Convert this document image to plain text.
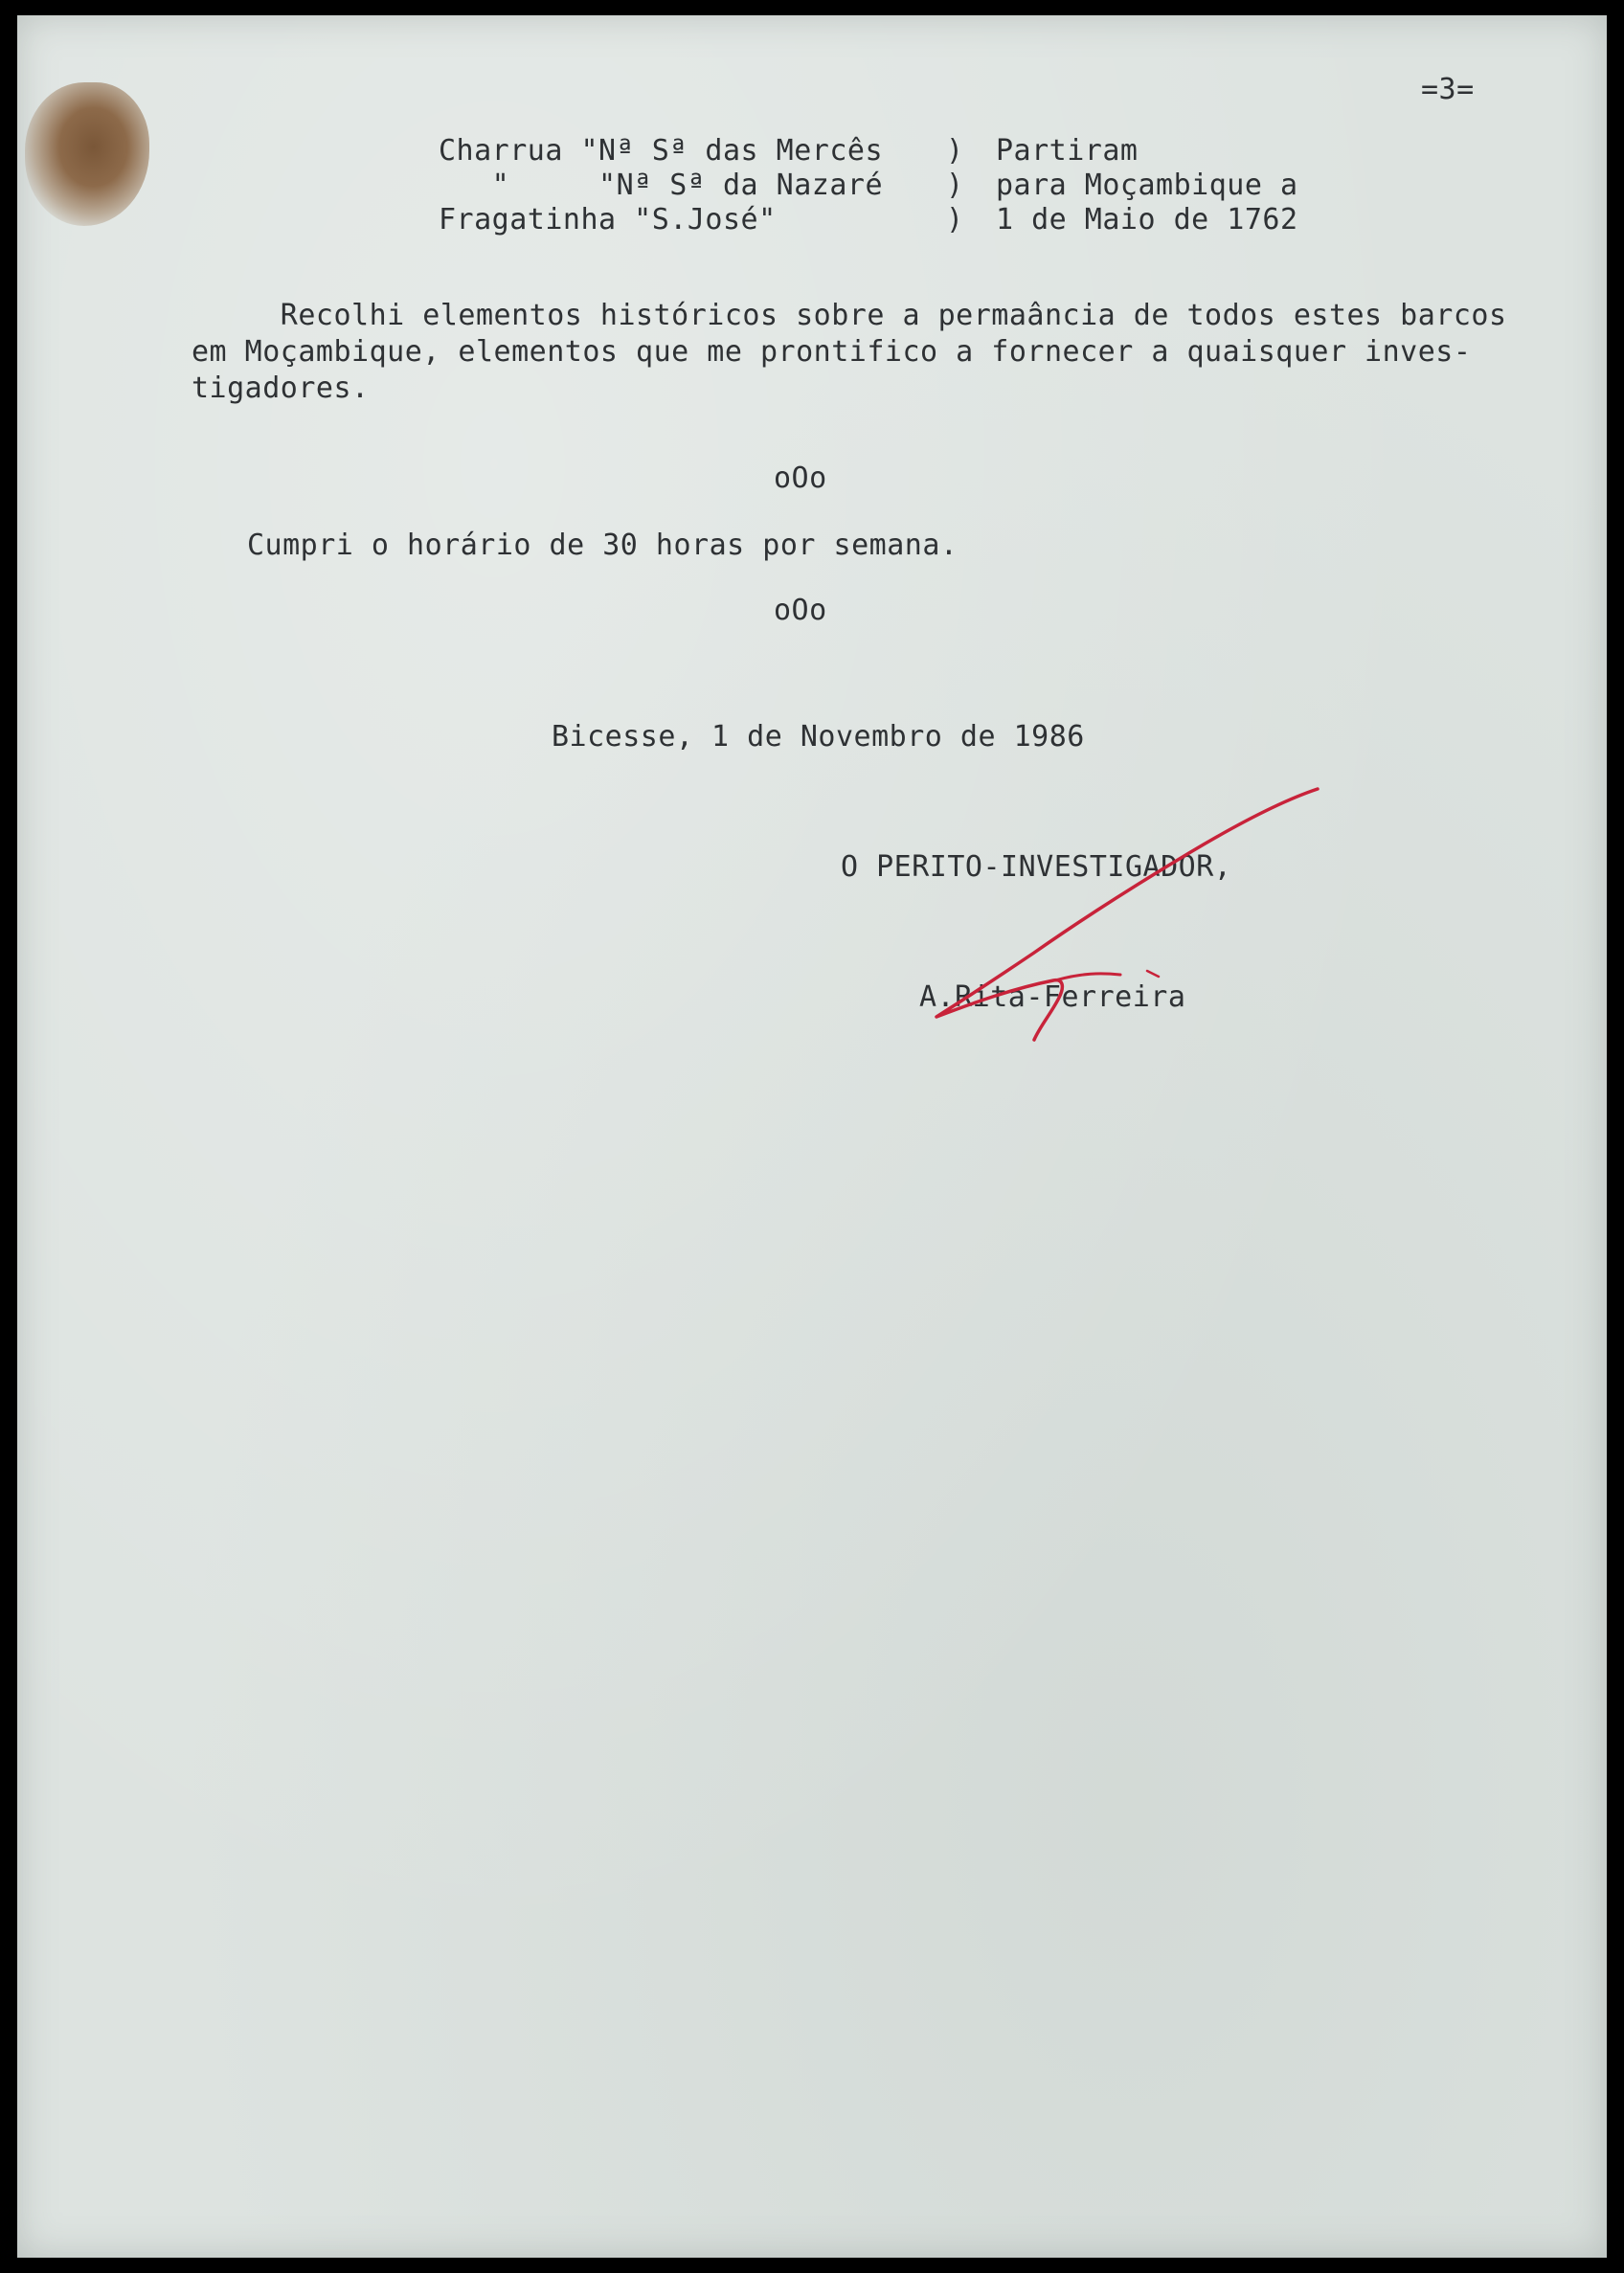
=3=

Charrua "Nª Sª das Mercês ) Partiram

"     "Nª Sª da Nazaré ) para Moçambique a

Fragatinha "S.José"	) 1 de Maio de 1762

Recolhi elementos históricos sobre a permaância de todos estes barcos

em Moçambique, elementos que me prontifico a fornecer a quaisquer inves-

tigadores.

oOo

Cumpri o horário de 30 horas por semana.

oOo

Bicesse, 1 de Novembro de 1986

O PERITO-INVESTIGADOR,

A.Rita-Ferreira
